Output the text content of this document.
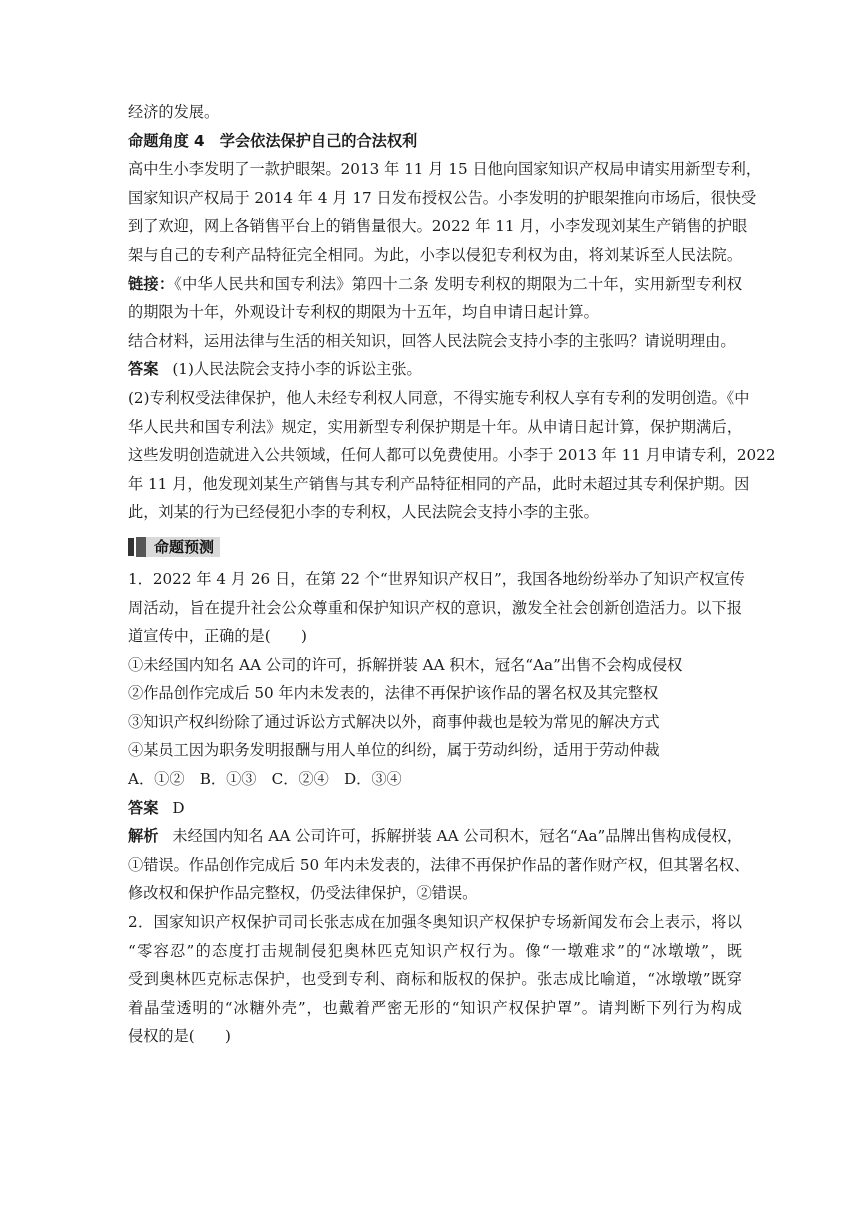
经济的发展。
命题角度 4　学会依法保护自己的合法权利
高中生小李发明了一款护眼架。2013 年 11 月 15 日他向国家知识产权局申请实用新型专利，
国家知识产权局于 2014 年 4 月 17 日发布授权公告。小李发明的护眼架推向市场后，很快受
到了欢迎，网上各销售平台上的销售量很大。2022 年 11 月，小李发现刘某生产销售的护眼
架与自己的专利产品特征完全相同。为此，小李以侵犯专利权为由，将刘某诉至人民法院。
链接：《中华人民共和国专利法》第四十二条 发明专利权的期限为二十年，实用新型专利权
的期限为十年，外观设计专利权的期限为十五年，均自申请日起计算。
结合材料，运用法律与生活的相关知识，回答人民法院会支持小李的主张吗？请说明理由。
答案 (1)人民法院会支持小李的诉讼主张。
(2)专利权受法律保护，他人未经专利权人同意，不得实施专利权人享有专利的发明创造。《中
华人民共和国专利法》规定，实用新型专利保护期是十年。从申请日起计算，保护期满后，
这些发明创造就进入公共领域，任何人都可以免费使用。小李于 2013 年 11 月申请专利，2022
年 11 月，他发现刘某生产销售与其专利产品特征相同的产品，此时未超过其专利保护期。因
此，刘某的行为已经侵犯小李的专利权，人民法院会支持小李的主张。
命题预测
1．2022 年 4 月 26 日，在第 22 个“世界知识产权日”，我国各地纷纷举办了知识产权宣传
周活动，旨在提升社会公众尊重和保护知识产权的意识，激发全社会创新创造活力。以下报
道宣传中，正确的是(　　)
①未经国内知名 AA 公司的许可，拆解拼装 AA 积木，冠名“Aa”出售不会构成侵权
②作品创作完成后 50 年内未发表的，法律不再保护该作品的署名权及其完整权
③知识产权纠纷除了通过诉讼方式解决以外，商事仲裁也是较为常见的解决方式
④某员工因为职务发明报酬与用人单位的纠纷，属于劳动纠纷，适用于劳动仲裁
A．①②　B．①③　C．②④　D．③④
答案 D
解析 未经国内知名 AA 公司许可，拆解拼装 AA 公司积木，冠名“Aa”品牌出售构成侵权，
①错误。作品创作完成后 50 年内未发表的，法律不再保护作品的著作财产权，但其署名权、
修改权和保护作品完整权，仍受法律保护，②错误。
2．国家知识产权保护司司长张志成在加强冬奥知识产权保护专场新闻发布会上表示，将以
“零容忍”的态度打击规制侵犯奥林匹克知识产权行为。像“一墩难求”的“冰墩墩”，既
受到奥林匹克标志保护，也受到专利、商标和版权的保护。张志成比喻道，“冰墩墩”既穿
着晶莹透明的“冰糖外壳”，也戴着严密无形的“知识产权保护罩”。请判断下列行为构成
侵权的是(　　)
